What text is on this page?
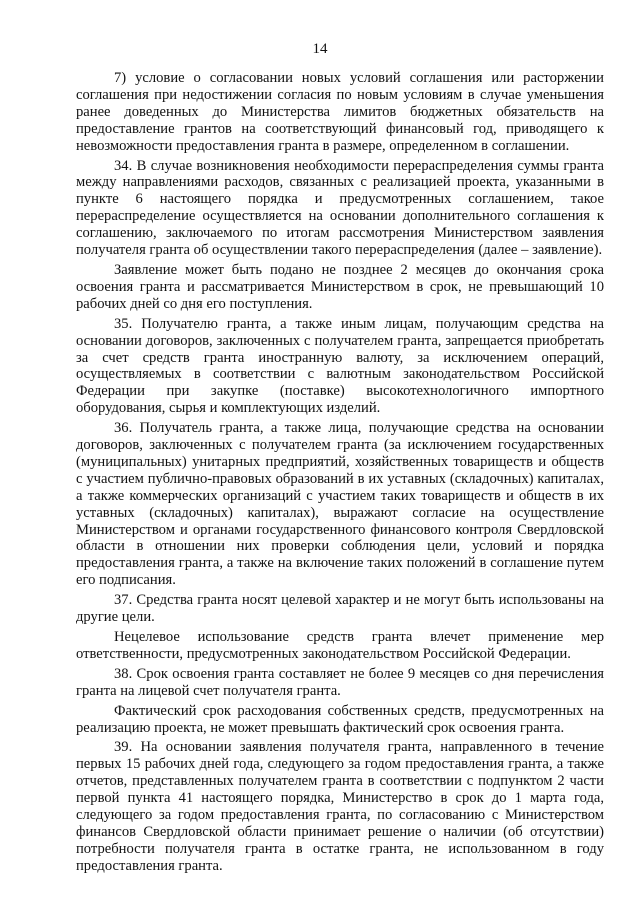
14

7) условие о согласовании новых условий соглашения или расторжении соглашения при недостижении согласия по новым условиям в случае уменьшения ранее доведенных до Министерства лимитов бюджетных обязательств на предоставление грантов на соответствующий финансовый год, приводящего к невозможности предоставления гранта в размере, определенном в соглашении.

34. В случае возникновения необходимости перераспределения суммы гранта между направлениями расходов, связанных с реализацией проекта, указанными в пункте 6 настоящего порядка и предусмотренных соглашением, такое перераспределение осуществляется на основании дополнительного соглашения к соглашению, заключаемого по итогам рассмотрения Министерством заявления получателя гранта об осуществлении такого перераспределения (далее – заявление).

Заявление может быть подано не позднее 2 месяцев до окончания срока освоения гранта и рассматривается Министерством в срок, не превышающий 10 рабочих дней со дня его поступления.

35. Получателю гранта, а также иным лицам, получающим средства на основании договоров, заключенных с получателем гранта, запрещается приобретать за счет средств гранта иностранную валюту, за исключением операций, осуществляемых в соответствии с валютным законодательством Российской Федерации при закупке (поставке) высокотехнологичного импортного оборудования, сырья и комплектующих изделий.

36. Получатель гранта, а также лица, получающие средства на основании договоров, заключенных с получателем гранта (за исключением государственных (муниципальных) унитарных предприятий, хозяйственных товариществ и обществ с участием публично-правовых образований в их уставных (складочных) капиталах, а также коммерческих организаций с участием таких товариществ и обществ в их уставных (складочных) капиталах), выражают согласие на осуществление Министерством и органами государственного финансового контроля Свердловской области в отношении них проверки соблюдения цели, условий и порядка предоставления гранта, а также на включение таких положений в соглашение путем его подписания.

37. Средства гранта носят целевой характер и не могут быть использованы на другие цели.

Нецелевое использование средств гранта влечет применение мер ответственности, предусмотренных законодательством Российской Федерации.

38. Срок освоения гранта составляет не более 9 месяцев со дня перечисления гранта на лицевой счет получателя гранта.

Фактический срок расходования собственных средств, предусмотренных на реализацию проекта, не может превышать фактический срок освоения гранта.

39. На основании заявления получателя гранта, направленного в течение первых 15 рабочих дней года, следующего за годом предоставления гранта, а также отчетов, представленных получателем гранта в соответствии с подпунктом 2 части первой пункта 41 настоящего порядка, Министерство в срок до 1 марта года, следующего за годом предоставления гранта, по согласованию с Министерством финансов Свердловской области принимает решение о наличии (об отсутствии) потребности получателя гранта в остатке гранта, не использованном в году предоставления гранта.
